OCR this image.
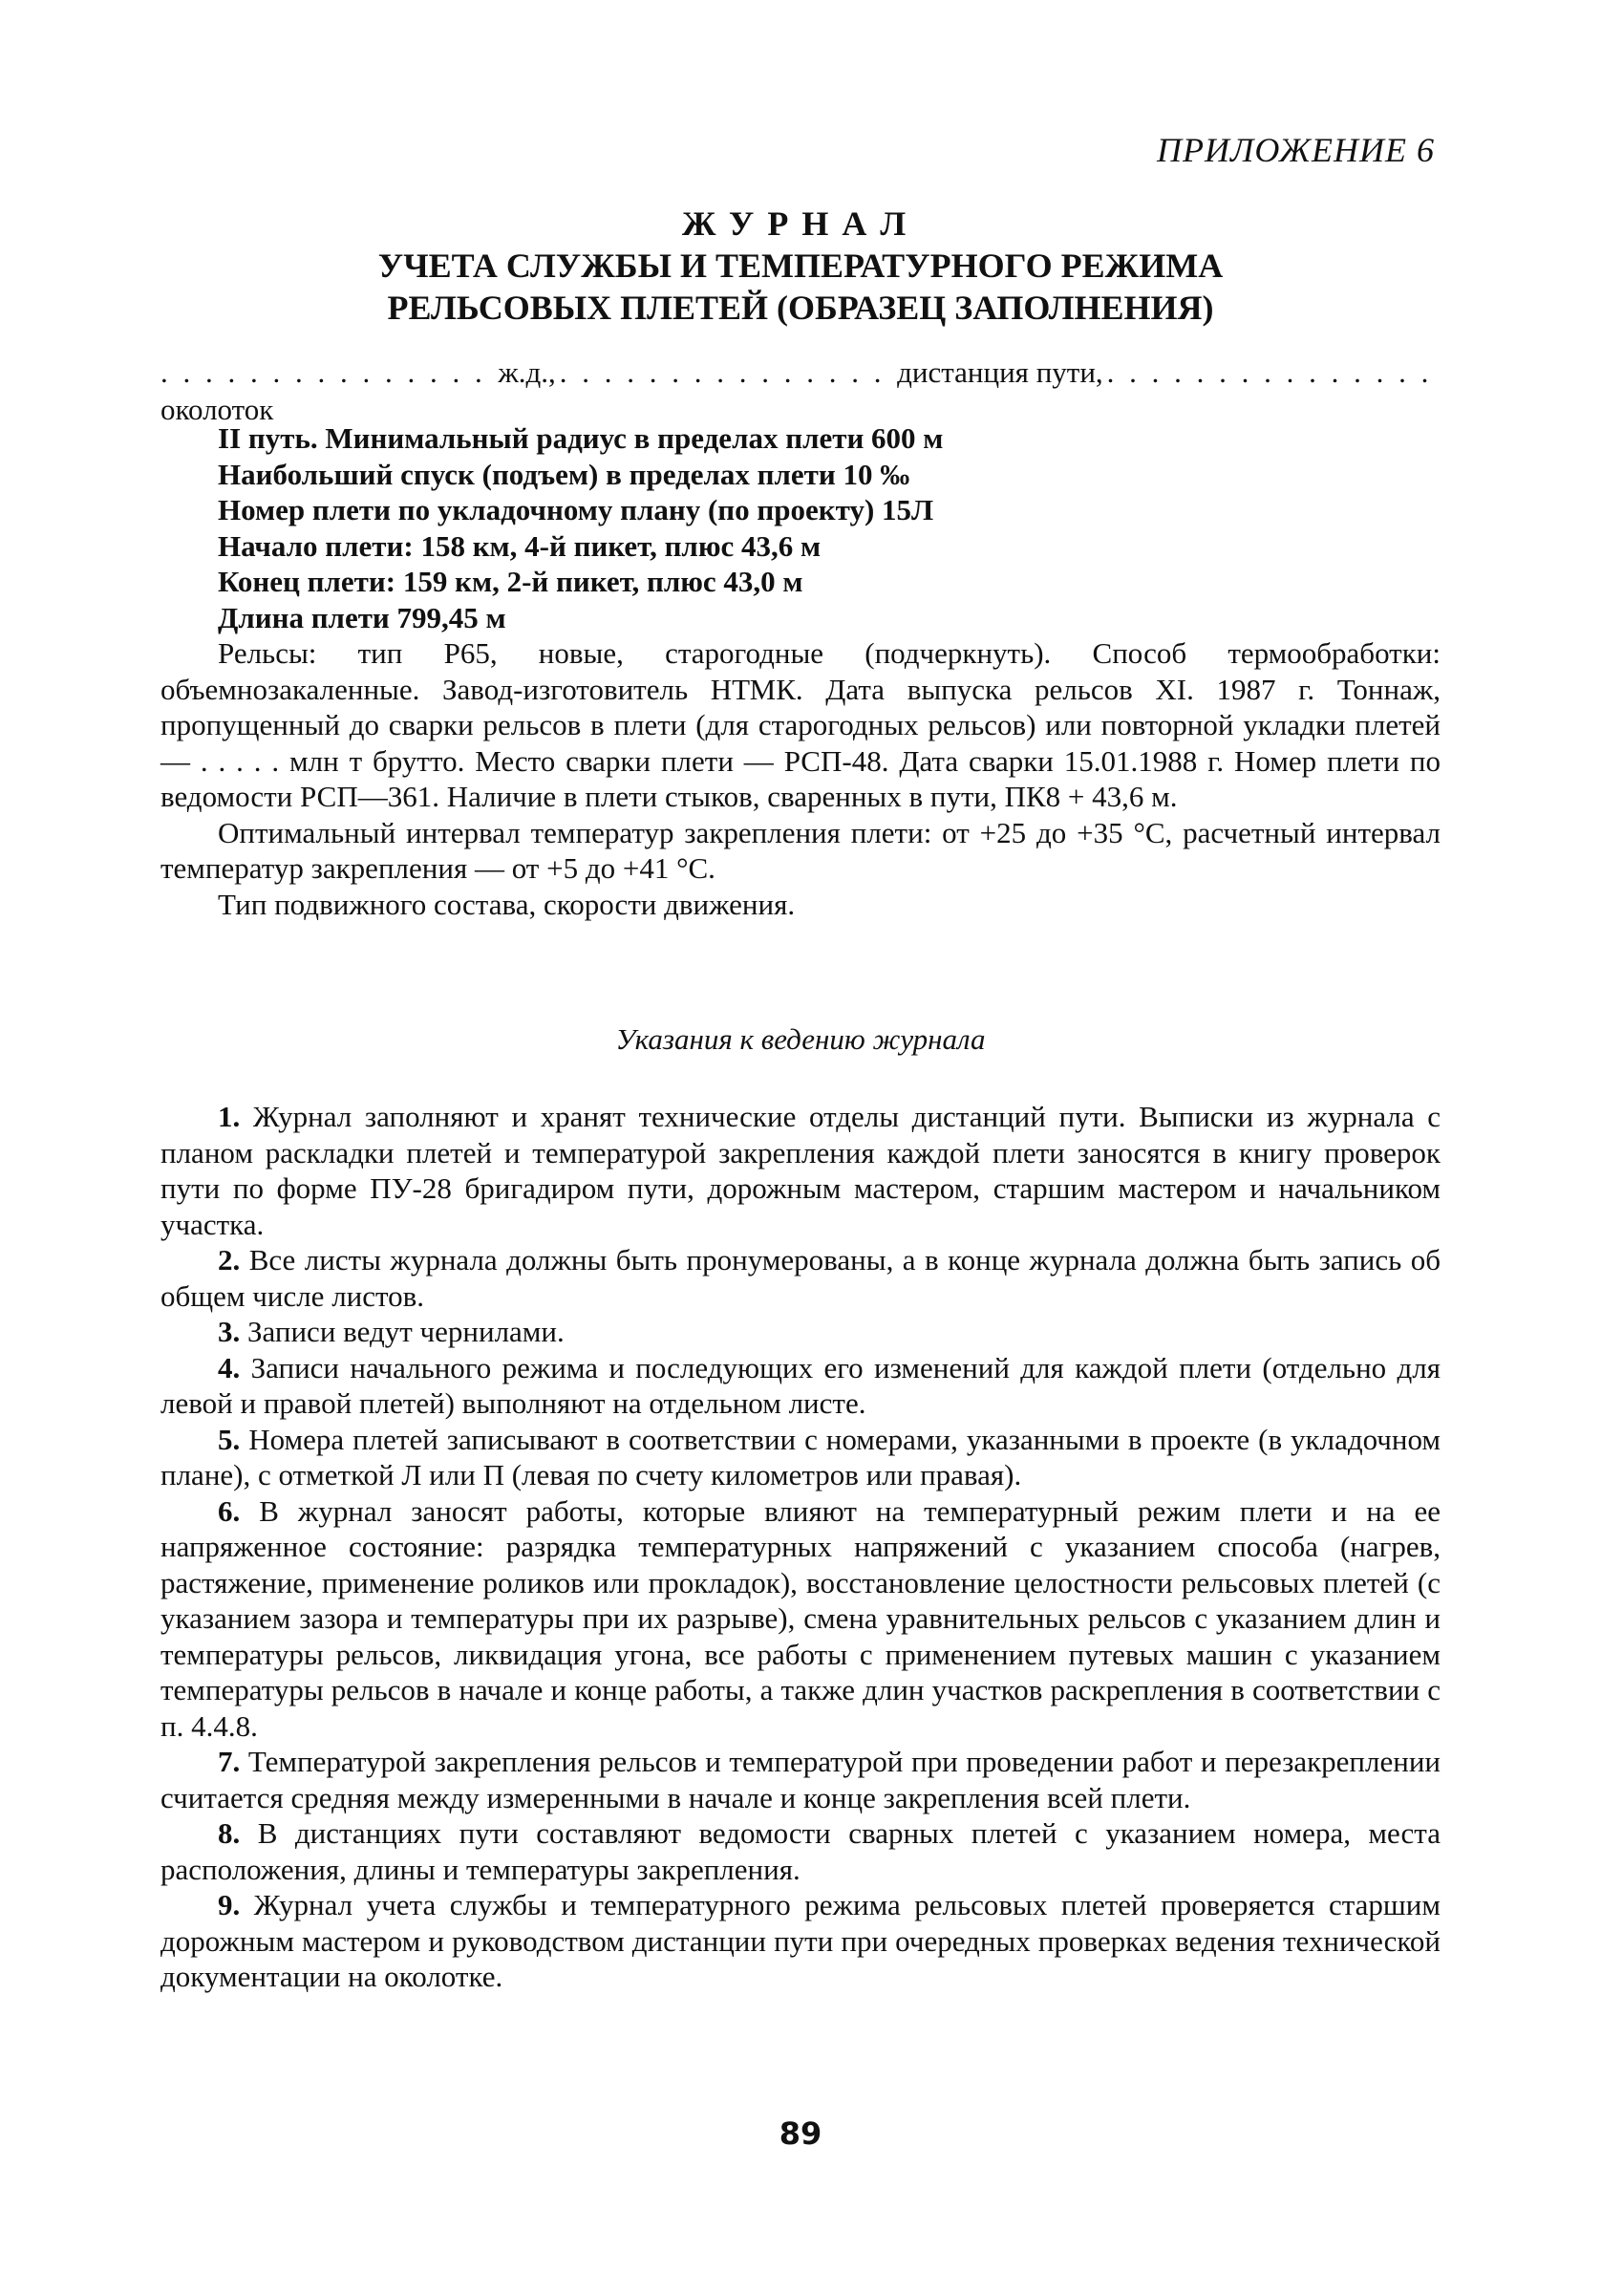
ПРИЛОЖЕНИЕ 6
ЖУРНАЛ
УЧЕТА СЛУЖБЫ И ТЕМПЕРАТУРНОГО РЕЖИМА
РЕЛЬСОВЫХ ПЛЕТЕЙ (ОБРАЗЕЦ ЗАПОЛНЕНИЯ)
. . .
ж.д.,
. . .	дистанция пути,
. . .
околоток
II путь. Минимальный радиус в пределах плети 600 м
Наибольший спуск (подъем) в пределах плети 10 ‰
Номер плети по укладочному плану (по проекту) 15Л
Начало плети: 158 км, 4-й пикет, плюс 43,6 м
Конец плети: 159 км, 2-й пикет, плюс 43,0 м
Длина плети 799,45 м

Рельсы: тип Р65, новые, старогодные (подчеркнуть). Способ термообработки: объемнозакаленные. Завод-изготовитель НТМК. Дата выпуска рельсов XI. 1987 г. Тоннаж, пропущенный до сварки рельсов в плети (для старогодных рельсов) или повторной укладки плетей — . . . . . млн т брутто. Место сварки плети — РСП-48. Дата сварки 15.01.1988 г. Номер плети по ведомости РСП—361. Наличие в плети стыков, сваренных в пути, ПК8 + 43,6 м.

Оптимальный интервал температур закрепления плети: от +25 до +35 °С, расчетный интервал температур закрепления — от +5 до +41 °С.

Тип подвижного состава, скорости движения.

Указания к ведению журнала

1. Журнал заполняют и хранят технические отделы дистанций пути. Выписки из журнала с планом раскладки плетей и температурой закрепления каждой плети заносятся в книгу проверок пути по форме ПУ-28 бригадиром пути, дорожным мастером, старшим мастером и начальником участка.

2. Все листы журнала должны быть пронумерованы, а в конце журнала должна быть запись об общем числе листов.

3. Записи ведут чернилами.

4. Записи начального режима и последующих его изменений для каждой плети (отдельно для левой и правой плетей) выполняют на отдельном листе.

5. Номера плетей записывают в соответствии с номерами, указанными в проекте (в укладочном плане), с отметкой Л или П (левая по счету километров или правая).

6. В журнал заносят работы, которые влияют на температурный режим плети и на ее напряженное состояние: разрядка температурных напряжений с указанием способа (нагрев, растяжение, применение роликов или прокладок), восстановление целостности рельсовых плетей (с указанием зазора и температуры при их разрыве), смена уравнительных рельсов с указанием длин и температуры рельсов, ликвидация угона, все работы с применением путевых машин с указанием температуры рельсов в начале и конце работы, а также длин участков раскрепления в соответствии с п. 4.4.8.

7. Температурой закрепления рельсов и температурой при проведении работ и перезакреплении считается средняя между измеренными в начале и конце закрепления всей плети.

8. В дистанциях пути составляют ведомости сварных плетей с указанием номера, места расположения, длины и температуры закрепления.

9. Журнал учета службы и температурного режима рельсовых плетей проверяется старшим дорожным мастером и руководством дистанции пути при очередных проверках ведения технической документации на околотке.

89
